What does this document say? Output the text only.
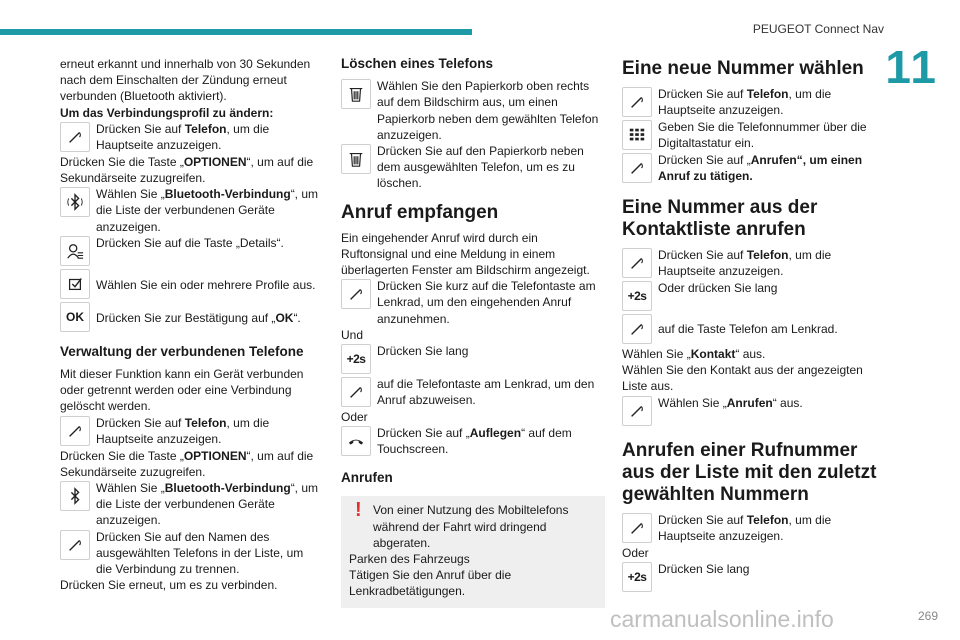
PEUGEOT Connect Nav
11

erneut erkannt und innerhalb von 30 Sekunden nach dem Einschalten der Zündung erneut verbunden (Bluetooth aktiviert).

Um das Verbindungsprofil zu ändern:

Drücken Sie auf Telefon, um die Hauptseite anzuzeigen.

Drücken Sie die Taste „OPTIONEN“, um auf die Sekundärseite zuzugreifen.

Wählen Sie „Bluetooth-Verbindung“, um die Liste der verbundenen Geräte anzuzeigen.

Drücken Sie auf die Taste „Details“.

Wählen Sie ein oder mehrere Profile aus.

OK	Drücken Sie zur Bestätigung auf „OK“.

Verwaltung der verbundenen Telefone

Mit dieser Funktion kann ein Gerät verbunden oder getrennt werden oder eine Verbindung gelöscht werden.

Drücken Sie auf Telefon, um die Hauptseite anzuzeigen.

Drücken Sie die Taste „OPTIONEN“, um auf die Sekundärseite zuzugreifen.

Wählen Sie „Bluetooth-Verbindung“, um die Liste der verbundenen Geräte anzuzeigen.

Drücken Sie auf den Namen des ausgewählten Telefons in der Liste, um die Verbindung zu trennen.

Drücken Sie erneut, um es zu verbinden.

Löschen eines Telefons

Wählen Sie den Papierkorb oben rechts auf dem Bildschirm aus, um einen Papierkorb neben dem gewählten Telefon anzuzeigen.

Drücken Sie auf den Papierkorb neben dem ausgewählten Telefon, um es zu löschen.

Anruf empfangen

Ein eingehender Anruf wird durch ein Ruftonsignal und eine Meldung in einem überlagerten Fenster am Bildschirm angezeigt.

Drücken Sie kurz auf die Telefontaste am Lenkrad, um den eingehenden Anruf anzunehmen.

Und

+2s

Drücken Sie lang

auf die Telefontaste am Lenkrad, um den Anruf abzuweisen.

Oder

Drücken Sie auf „Auflegen“ auf dem Touchscreen.

Anrufen
! Von einer Nutzung des Mobiltelefons während der Fahrt wird dringend abgeraten.

Parken des Fahrzeugs

Tätigen Sie den Anruf über die Lenkradbetätigungen.

Eine neue Nummer wählen

Drücken Sie auf Telefon, um die Hauptseite anzuzeigen.

Geben Sie die Telefonnummer über die Digitaltastatur ein.

Drücken Sie auf „Anrufen“, um einen Anruf zu tätigen.

Eine Nummer aus der Kontaktliste anrufen

Drücken Sie auf Telefon, um die Hauptseite anzuzeigen.

+2s

Oder drücken Sie lang

auf die Taste Telefon am Lenkrad.

Wählen Sie „Kontakt“ aus.

Wählen Sie den Kontakt aus der angezeigten Liste aus.

Wählen Sie „Anrufen“ aus.

Anrufen einer Rufnummer aus der Liste mit den zuletzt gewählten Nummern

Drücken Sie auf Telefon, um die Hauptseite anzuzeigen.

Oder

+2s

Drücken Sie lang

carmanualsonline.info	269
